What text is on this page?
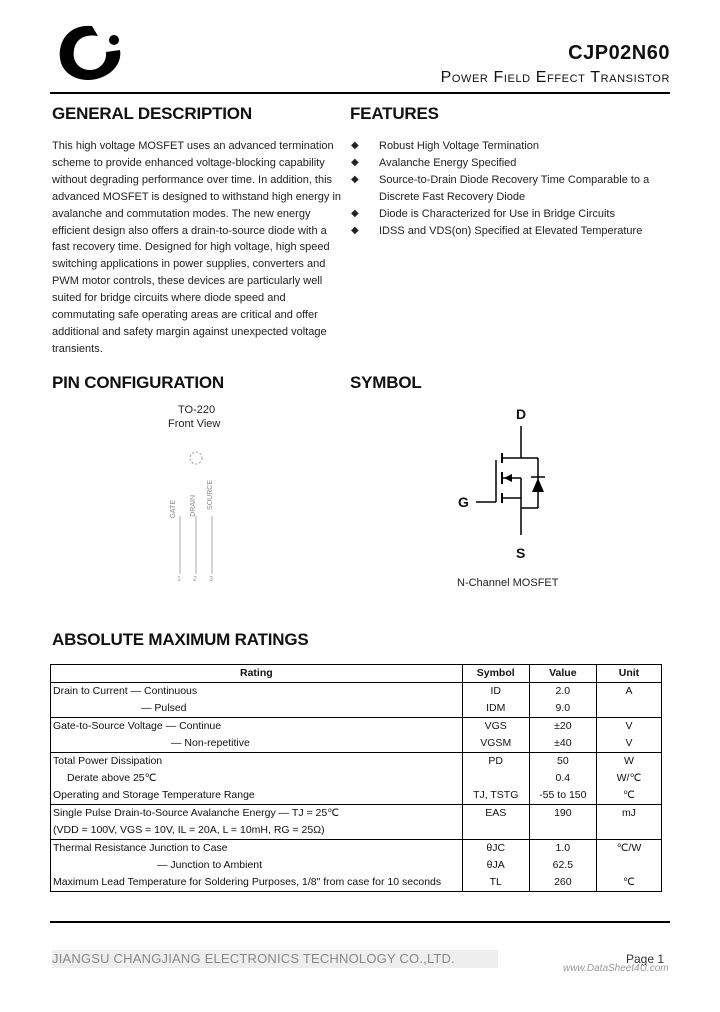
CJP02N60
Power Field Effect Transistor
GENERAL DESCRIPTION
This high voltage MOSFET uses an advanced termination scheme to provide enhanced voltage-blocking capability without degrading performance over time. In addition, this advanced MOSFET is designed to withstand high energy in avalanche and commutation modes. The new energy efficient design also offers a drain-to-source diode with a fast recovery time. Designed for high voltage, high speed switching applications in power supplies, converters and PWM motor controls, these devices are particularly well suited for bridge circuits where diode speed and commutating safe operating areas are critical and offer additional and safety margin against unexpected voltage transients.
FEATURES
◆ Robust High Voltage Termination
◆ Avalanche Energy Specified
◆ Source-to-Drain Diode Recovery Time Comparable to a Discrete Fast Recovery Diode
◆ Diode is Characterized for Use in Bridge Circuits
◆ IDSS and VDS(on) Specified at Elevated Temperature
PIN CONFIGURATION
TO-220
Front View
GATE DRAIN SOURCE
1 2 3
SYMBOL
D
G
S
N-Channel MOSFET
ABSOLUTE MAXIMUM RATINGS
Rating	Symbol	Value	Unit
Drain to Current — Continuous	ID	2.0	A
— Pulsed	IDM	9.0	
Gate-to-Source Voltage — Continue	VGS	±20	V
— Non-repetitive	VGSM	±40	V
Total Power Dissipation	PD	50	W
Derate above 25℃		0.4	W/℃
Operating and Storage Temperature Range	TJ, TSTG	-55 to 150	℃
Single Pulse Drain-to-Source Avalanche Energy — TJ = 25℃	EAS	190	mJ
(VDD = 100V, VGS = 10V, IL = 20A, L = 10mH, RG = 25Ω)			
Thermal Resistance Junction to Case	θJC	1.0	℃/W
— Junction to Ambient	θJA	62.5	
Maximum Lead Temperature for Soldering Purposes, 1/8" from case for 10 seconds	TL	260	℃
JIANGSU CHANGJIANG ELECTRONICS TECHNOLOGY CO.,LTD.	Page 1
www.DataSheet4U.com
